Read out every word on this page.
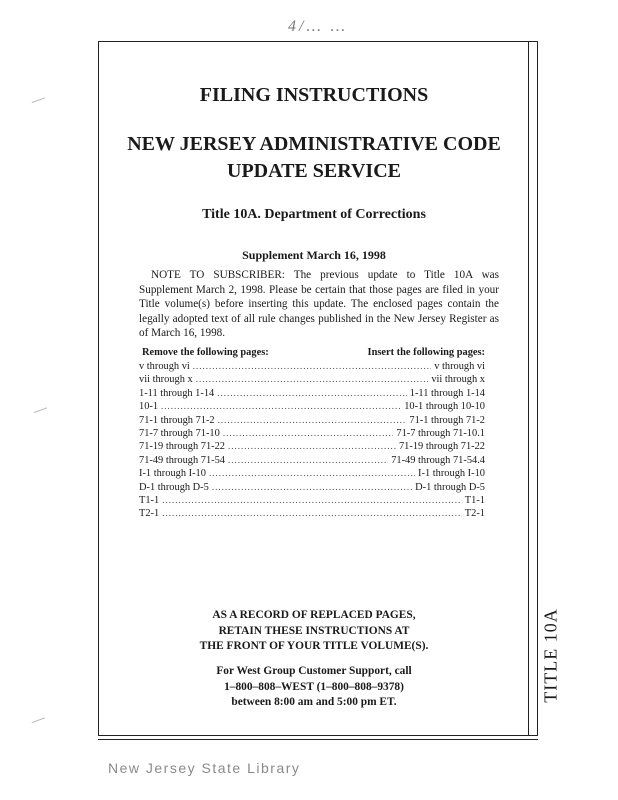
4/… …
TITLE 10A
FILING INSTRUCTIONS
NEW JERSEY ADMINISTRATIVE CODE
UPDATE SERVICE
Title 10A. Department of Corrections
Supplement March 16, 1998
NOTE TO SUBSCRIBER: The previous update to Title 10A was Supplement March 2, 1998. Please be certain that those pages are filed in your Title volume(s) before inserting this update. The enclosed pages contain the legally adopted text of all rule changes published in the New Jersey Register as of March 16, 1998.
Remove the following pages:	Insert the following pages:
v through vi .....	v through vi
vii through x .....	vii through x
1-11 through 1-14 .....	1-11 through 1-14
10-1 .....	10-1 through 10-10
71-1 through 71-2 .....	71-1 through 71-2
71-7 through 71-10 .....	71-7 through 71-10.1
71-19 through 71-22 .....	71-19 through 71-22
71-49 through 71-54 .....	71-49 through 71-54.4
I-1 through I-10 .....	I-1 through I-10
D-1 through D-5 .....	D-1 through D-5
T1-1 .....	T1-1
T2-1 .....	T2-1
AS A RECORD OF REPLACED PAGES,
RETAIN THESE INSTRUCTIONS AT
THE FRONT OF YOUR TITLE VOLUME(S).
For West Group Customer Support, call
1–800–808–WEST (1–800–808–9378)
between 8:00 am and 5:00 pm ET.
New Jersey State Library
